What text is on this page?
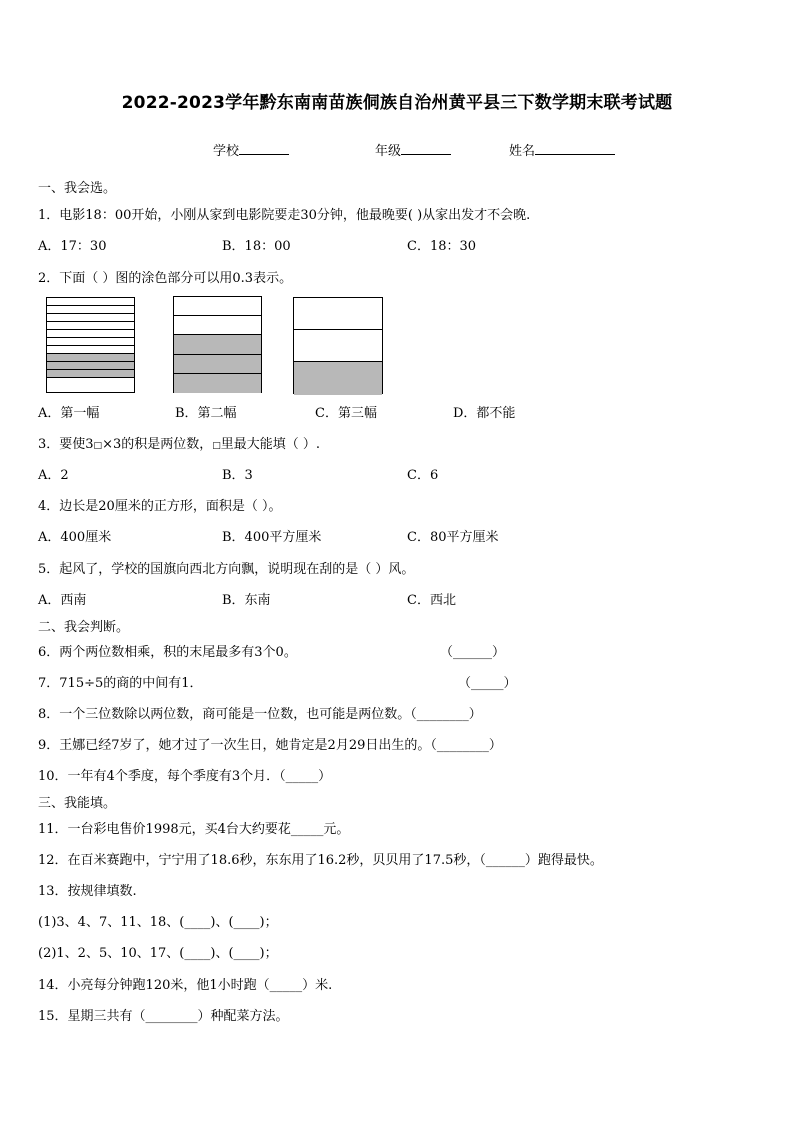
2022-2023学年黔东南南苗族侗族自治州黄平县三下数学期末联考试题
学校	年级	姓名
一、我会选。
1．电影18：00开始，小刚从家到电影院要走30分钟，他最晚要( )从家出发才不会晚.
A．17：30	B．18：00	C．18：30
2．下面（ ）图的涂色部分可以用0.3表示。
A．第一幅	B．第二幅	C．第三幅	D．都不能
3．要使3□×3的积是两位数，□里最大能填（ ）.
A．2	B．3	C．6
4．边长是20厘米的正方形，面积是（ ）。
A．400厘米	B．400平方厘米	C．80平方厘米
5．起风了，学校的国旗向西北方向飘，说明现在刮的是（ ）风。
A．西南	B．东南	C．西北
二、我会判断。
6．两个两位数相乘，积的末尾最多有3个0。	（______）
7．715÷5的商的中间有1．	（_____）
8．一个三位数除以两位数，商可能是一位数，也可能是两位数。（________）
9．王娜已经7岁了，她才过了一次生日，她肯定是2月29日出生的。（________）
10．一年有4个季度，每个季度有3个月．（_____）
三、我能填。
11．一台彩电售价1998元，买4台大约要花_____元。
12．在百米赛跑中，宁宁用了18.6秒，东东用了16.2秒，贝贝用了17.5秒，（______）跑得最快。
13．按规律填数.
(1)3、4、7、11、18、(____)、(____)；
(2)1、2、5、10、17、(____)、(____)；
14．小亮每分钟跑120米，他1小时跑（_____）米.
15．星期三共有（________）种配菜方法。
